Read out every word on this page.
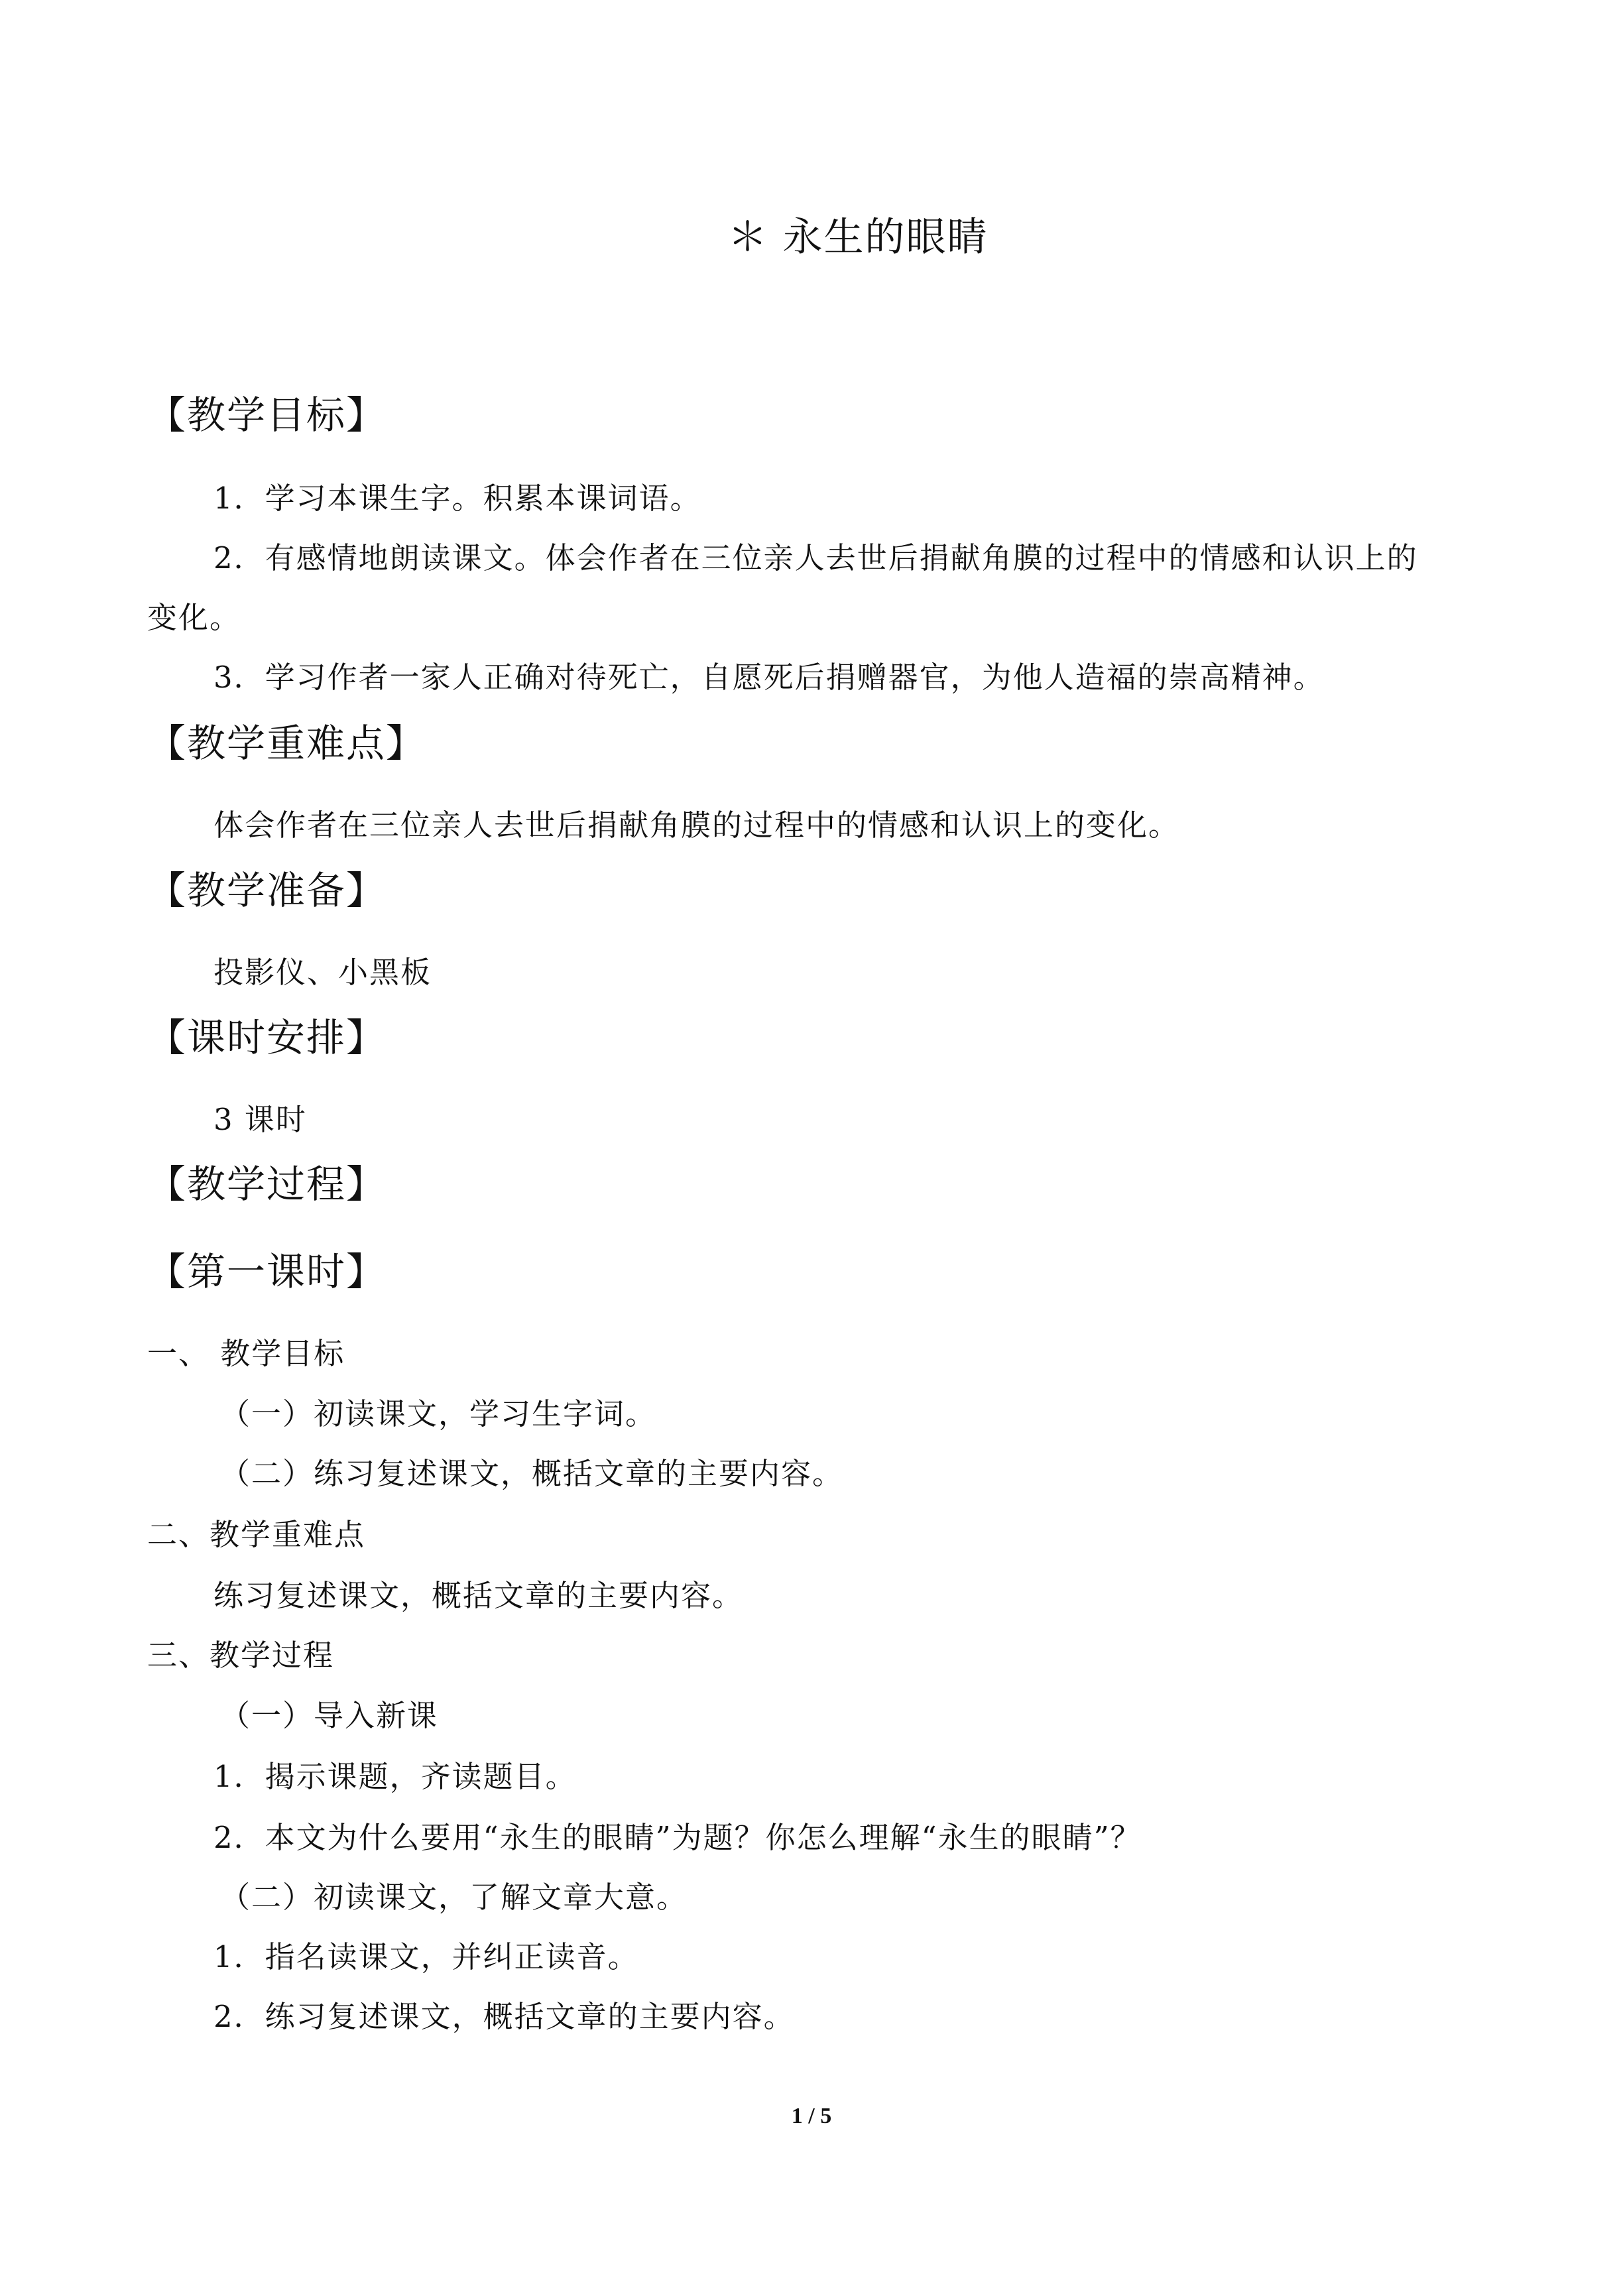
＊ 永生的眼睛
【教学目标】
1．学习本课生字。积累本课词语。
2．有感情地朗读课文。体会作者在三位亲人去世后捐献角膜的过程中的情感和认识上的
变化。
3．学习作者一家人正确对待死亡，自愿死后捐赠器官，为他人造福的崇高精神。
【教学重难点】
体会作者在三位亲人去世后捐献角膜的过程中的情感和认识上的变化。
【教学准备】
投影仪、小黑板
【课时安排】
3 课时
【教学过程】
【第一课时】
一、 教学目标
（一）初读课文，学习生字词。
（二）练习复述课文，概括文章的主要内容。
二、教学重难点
练习复述课文，概括文章的主要内容。
三、教学过程
（一）导入新课
1．揭示课题，齐读题目。
2．本文为什么要用“永生的眼睛”为题？你怎么理解“永生的眼睛”？
（二）初读课文，了解文章大意。
1．指名读课文，并纠正读音。
2．练习复述课文，概括文章的主要内容。
1 / 5
